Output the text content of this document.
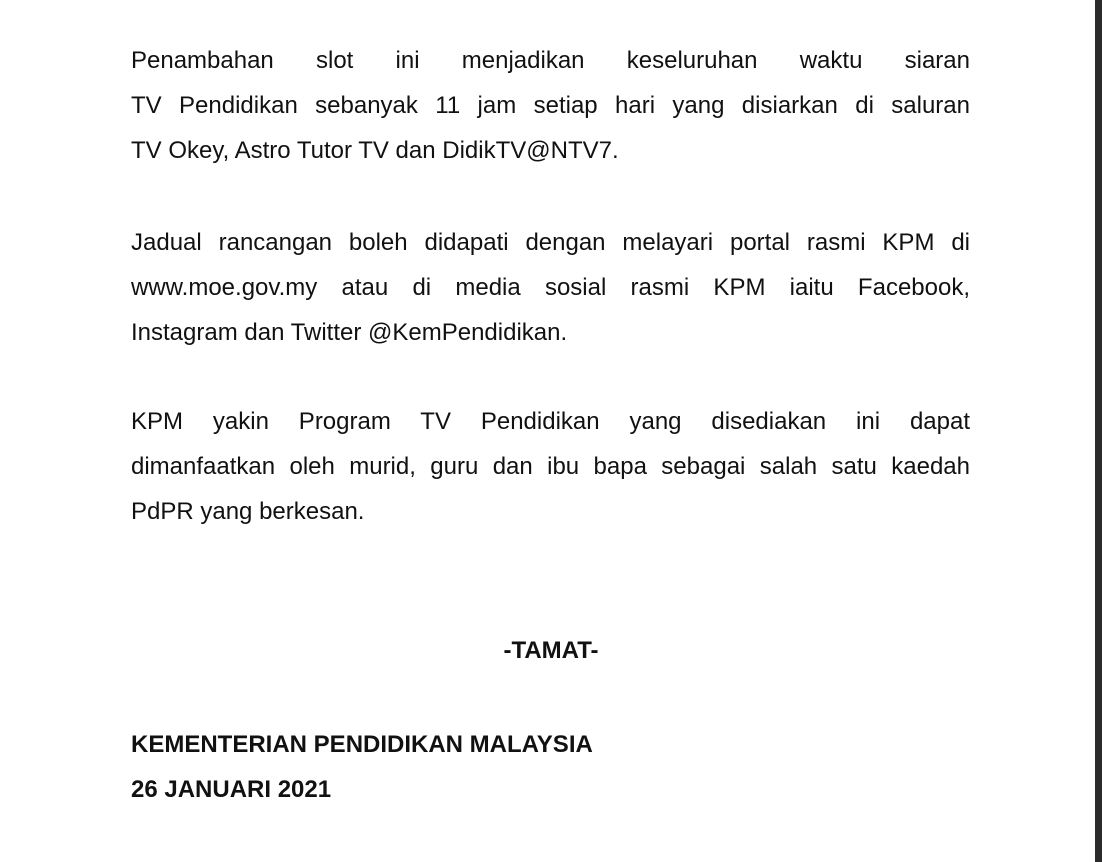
Penambahan slot ini menjadikan keseluruhan waktu siaran
TV Pendidikan sebanyak 11 jam setiap hari yang disiarkan di saluran
TV Okey, Astro Tutor TV dan DidikTV@NTV7.
Jadual rancangan boleh didapati dengan melayari portal rasmi KPM di
www.moe.gov.my atau di media sosial rasmi KPM iaitu Facebook,
Instagram dan Twitter @KemPendidikan.
KPM yakin Program TV Pendidikan yang disediakan ini dapat
dimanfaatkan oleh murid, guru dan ibu bapa sebagai salah satu kaedah
PdPR yang berkesan.
-TAMAT-
KEMENTERIAN PENDIDIKAN MALAYSIA
26 JANUARI 2021
